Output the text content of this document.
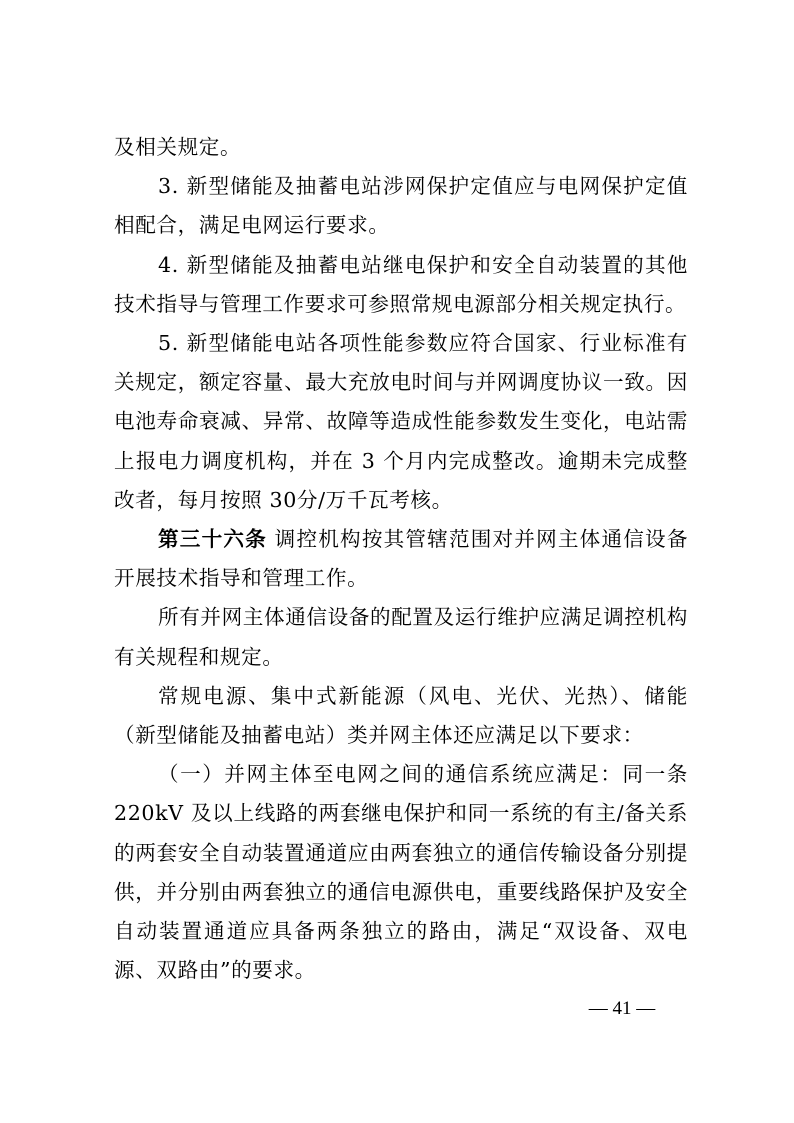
及相关规定。

3. 新型储能及抽蓄电站涉网保护定值应与电网保护定值相配合，满足电网运行要求。

4. 新型储能及抽蓄电站继电保护和安全自动装置的其他技术指导与管理工作要求可参照常规电源部分相关规定执行。

5. 新型储能电站各项性能参数应符合国家、行业标准有关规定，额定容量、最大充放电时间与并网调度协议一致。因电池寿命衰减、异常、故障等造成性能参数发生变化，电站需上报电力调度机构，并在 3 个月内完成整改。逾期未完成整改者，每月按照 30分/万千瓦考核。

第三十六条 调控机构按其管辖范围对并网主体通信设备开展技术指导和管理工作。

所有并网主体通信设备的配置及运行维护应满足调控机构有关规程和规定。

常规电源、集中式新能源（风电、光伏、光热）、储能（新型储能及抽蓄电站）类并网主体还应满足以下要求：

（一）并网主体至电网之间的通信系统应满足：同一条220kV 及以上线路的两套继电保护和同一系统的有主/备关系的两套安全自动装置通道应由两套独立的通信传输设备分别提供，并分别由两套独立的通信电源供电，重要线路保护及安全自动装置通道应具备两条独立的路由，满足“双设备、双电源、双路由”的要求。

— 41 —
